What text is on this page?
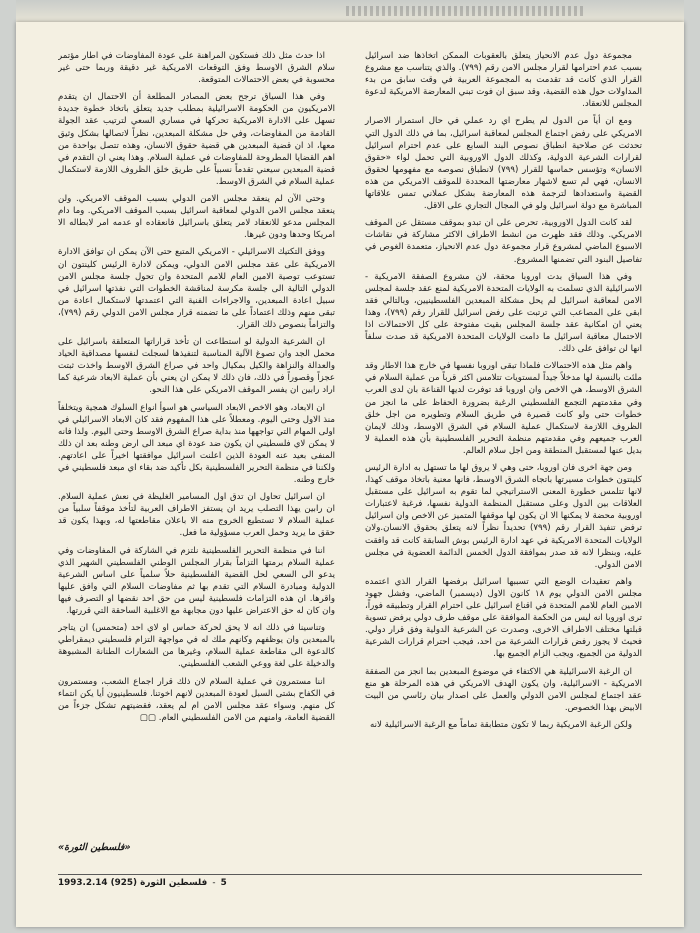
مجموعة دول عدم الانحياز يتعلق بالعقوبات الممكن اتخاذها ضد اسرائيل بسبب عدم احترامها لقرار مجلس الامن رقم (٧٩٩). والذي يتناسب مع مشروع القرار الذي كانت قد تقدمت به المجموعة العربية في وقت سابق من بدء المداولات حول هذه القضية، وقد سبق ان فوت تبني المعارضة الامريكية لدعوة المجلس للانعقاد.

ومع ان أياً من الدول لم يطرح اي رد عملي في حال استمرار الاصرار الامريكي على رفض اجتماع المجلس لمعاقبة اسرائيل، بما في ذلك الدول التي تحدثت عن صلاحية انطباق نصوص البند السابع على عدم احترام اسرائيل لقرارات الشرعية الدولية، وكذلك الدول الاوروبية التي تحمل لواء «حقوق الانسان» وتؤسس حماسها للقرار (٧٩٩) لانطباق نصوصه مع مفهومها لحقوق الانسان، فهي لم تسع لاشهار معارضتها المحددة للموقف الامريكي من هذه القضية واستعدادها لترجمة هذه المعارضة بشكل عملاني تمس علاقاتها المباشرة مع دولة اسرائيل ولو في المجال التجاري على الاقل.

لقد كانت الدول الاوروبية، تحرص على ان تبدو بموقف مستقل عن الموقف الامريكي. وذلك فقد ظهرت من انشط الاطراف الاكثر مشاركة في نقاشات الاسبوع الماضي لمشروع قرار مجموعة دول عدم الانحياز، متعمدة الغوص في تفاصيل البنود التي تضمنها المشروع.

وفي هذا السياق بدت اوروبا محقة، لان مشروع الصفقة الامريكية - الاسرائيلية الذي تسلمت به الولايات المتحدة الامريكية لمنع عقد جلسة لمجلس الامن لمعاقبة اسرائيل لم يحل مشكلة المبعدين الفلسطينيين، وبالتالي فقد ابقى على المصاعب التي ترتبت على رفض اسرائيل للقرار رقم (٧٩٩)، وهذا يعني ان امكانية عقد جلسة المجلس بقيت مفتوحة على كل الاحتمالات اذا الاحتمال معاقبة اسرائيل ما دامت الولايات المتحدة الامريكية قد صدت سلفاً انها لن توافق على ذلك.

واهم مثل هذه الاحتمالات فلماذا تبقى اوروبا نفسها في خارج هذا الاطار وقد ملئت بالنسبة لها مدخلاً جيداً لمستويات تتلامس اكثر قرباً من عملية السلام في الشرق الاوسط، هي الاخص وان اوروبا قد توفرت لديها القناعة بان لدى العرب وفي مقدمتهم التجمع الفلسطيني الرغبة بضرورة الحفاظ على ما انجز من خطوات حتى ولو كانت قصيرة في طريق السلام وتطويره من اجل خلق الظروف اللازمة لاستكمال عملية السلام في الشرق الاوسط، وذلك لايمان العرب جميعهم وفي مقدمتهم منظمة التحرير الفلسطينية بأن هذه العملية لا بديل عنها لمستقبل المنطقة ومن اجل سلام العالم.

ومن جهة اخرى فان اوروبا، حتى وهي لا يروق لها ما تستهل به ادارة الرئيس كلينتون خطوات مسيرتها باتجاه الشرق الاوسط، فانها معنية باتخاذ موقف كهذا، لانها تتلمس خطورة المعنى الاستراتيجي لما تقوم به اسرائيل على مستقبل العلاقات بين الدول وعلى مستقبل المنظمة الدولية نفسها، فرغبة لاعتبارات اوروبية محضة لا يمكنها الا ان يكون لها موقفها المتميز عن الاخص وان اسرائيل ترفض تنفيذ القرار رقم (٧٩٩) تحديداً نظراً لانه يتعلق بحقوق الانسان.ولان الولايات المتحدة الامريكية في عهد ادارة الرئيس بوش السابقة كانت قد وافقت عليه، وبنظرا لانه قد صدر بموافقة الدول الخمس الدائمة العضوية في مجلس الامن الدولي.

واهم تعقيدات الوضع التي تسببها اسرائيل برفضها القرار الذي اعتمده مجلس الامن الدولي يوم ١٨ كانون الاول (ديسمبر) الماضي، وفشل جهود الامين العام للامم المتحدة في اقناع اسرائيل على احترام القرار وتطبيقه فوراً، ترى اوروبا انه ليس من الحكمة الموافقة على موقف طرف دولي يرفض تسوية قبلتها مختلف الاطراف الاخرى، وصدرت عن الشرعية الدولية وفق قرار دولي. فحيث لا يجوز رفض قرارات الشرعية من احد، فيجب احترام قرارات الشرعية الدولية من الجميع، ويجب الزام الجميع بها.

ان الرغبة الاسرائيلية هي الاكتفاء في موضوع المبعدين بما انجز من الصفقة الامريكية - الاسرائيلية، وان يكون الهدف الامريكي في هذه المرحلة هو منع عقد اجتماع لمجلس الامن الدولي والعمل على اصدار بيان رئاسي من البيت الابيض بهذا الخصوص.

ولكن الرغبة الامريكية ربما لا تكون متطابقة تماماً مع الرغبة الاسرائيلية لانه

اذا حدث مثل ذلك فستكون المراهنة على عودة المفاوضات في اطار مؤتمر سلام الشرق الاوسط وفق التوقعات الامريكية غير دقيقة وربما حتى غير محسوبة في بعض الاحتمالات المتوقعة.

وفي هذا السياق ترجح بعض المصادر المطلعة أن الاحتمال ان يتقدم الامريكيون من الحكومة الاسرائيلية بمطلب جديد يتعلق باتخاذ خطوة جديدة تسهل على الادارة الامريكية تحركها في مساري السعي لترتيب عقد الجولة القادمة من المفاوضات، وفي حل مشكلة المبعدين، نظراً لاتصالها بشكل وثيق معها، اذ ان قضية المبعدين هي قضية حقوق الانسان، وهذه تتصل بواحدة من اهم القضايا المطروحة للمفاوضات في عملية السلام. وهذا يعني ان التقدم في قضية المبعدين سيعني تقدماً نسبياً على طريق خلق الظروف اللازمة لاستكمال عملية السلام في الشرق الاوسط.

وحتى الآن لم ينعقد مجلس الامن الدولي بسبب الموقف الامريكي. ولن ينعقد مجلس الامن الدولي لمعاقبة اسرائيل بسبب الموقف الامريكي. وما دام المجلس مدعو للانعقاد لامر يتعلق باسرائيل فانعقاده او عدمه امر لابطاله الا امريكا وحدها ودون غيرها.

ووفق التكتيك الاسرائيلي - الامريكي المتبع حتى الآن يمكن ان توافق الادارة الامريكية على عقد مجلس الامن الدولي، ويمكن لادارة الرئيس كلينتون ان تستوعب توصية الامين العام للامم المتحدة وان تحول جلسة مجلس الامن الدولي التالية الى جلسة مكرسة لمناقشة الخطوات التي نفذتها اسرائيل في سبيل اعادة المبعدين، والاجراءات الفنية التي اعتمدتها لاستكمال اعادة من تبقى منهم وذلك اعتماداً على ما تضمنه قرار مجلس الامن الدولي رقم (٧٩٩)، والتزاماً بنصوص ذلك القرار.

ان الشرعية الدولية لو استطاعت ان تأخذ قراراتها المتعلقة باسرائيل على محمل الجد وان تصوغ الآلية المناسبة لتنفيذها لسجلت لنفسها مصداقية الحياد والعدالة والنزاهة والكيل بمكيال واحد في صراع الشرق الاوسط واخذت ثبتت عجزاً وقصوراً في ذلك، فان ذلك لا يمكن ان يعني بأن عملية الابعاد شرعية كما اراد رابين ان يفسر الموقف الامريكي على هذا النحو.

ان الابعاد، وهو الاخص الابعاد السياسي هو اسوأ انواع السلوك همجية ويتخلفاً منذ الاول وحتى اليوم. ومعطلاً على هذا المفهوم فقد كان الابعاد الاسرائيلي في اولى المهام التي تواجهها منذ بداية صراع الشرق الاوسط وحتى اليوم. ولذا فانه لا يمكن لاي فلسطيني ان يكون ضد عودة اي مبعد الى ارض وطنه بعد ان ذلك المنفى بعيد عنه العودة الذين اعلنت اسرائيل موافقتها اخيراً على اعادتهم. ولكننا في منظمة التحرير الفلسطينية بكل تأكيد ضد بقاء اي مبعد فلسطيني في خارج وطنه.

ان اسرائيل تحاول ان تدق اول المسامير الغليظة في نعش عملية السلام. ان رابين يهذا التصلب يريد ان يستفز الاطراف العربية لتأخذ موقفاً سلبياً من عملية السلام لا تستطيع الخروج منه الا باعلان مقاطعتها له، وبهذا يكون قد حقق ما يريد وحمل العرب مسؤولية ما فعل.

اننا في منظمة التحرير الفلسطينية نلتزم في الشاركة في المفاوضات وفي عملية السلام برمتها التزاماً بقرار المجلس الوطني الفلسطيني الشهير الذي يدعو الى السعي لحل القضية الفلسطينية حلاً سلمياً على اساس الشرعية الدولية ومبادرة السلام التي تقدم بها ثم مفاوضات السلام التي وافق عليها واقرها. ان هذه التزامات فلسطينية ليس من حق احد نقضها او التصرف فيها وان كان له حق الاعتراض عليها دون مجابهة مع الاغلبية الساحقة التي قررتها.

وتناسينا في ذلك انه لا يحق لحركة حماس او لاي احد (متحمس) ان يتاجر بالمبعدين وان يوظفهم وكانهم ملك له في مواجهة التزام فلسطيني ديمقراطي كالدعوة الى مقاطعة عملية السلام، وغيرها من الشعارات الطنانة المشبوهة والدخيلة على لغة ووعي الشعب الفلسطيني.

اننا مستمرون في عملية السلام لان ذلك قرار اجماع الشعب، ومستمرون في الكفاح بشتى السبل لعودة المبعدين لانهم اخوتنا. فلسطينيون أيا يكن انتماء كل منهم. وسواء عقد مجلس الامن ام لم يعقد، فقضيتهم تشكل جزءاً من القضية العامة، وامنهم من الامن الفلسطيني العام. ▢▢

«فلسطين الثورة»
5 - فلسطين الثورة (925) 1993.2.14
